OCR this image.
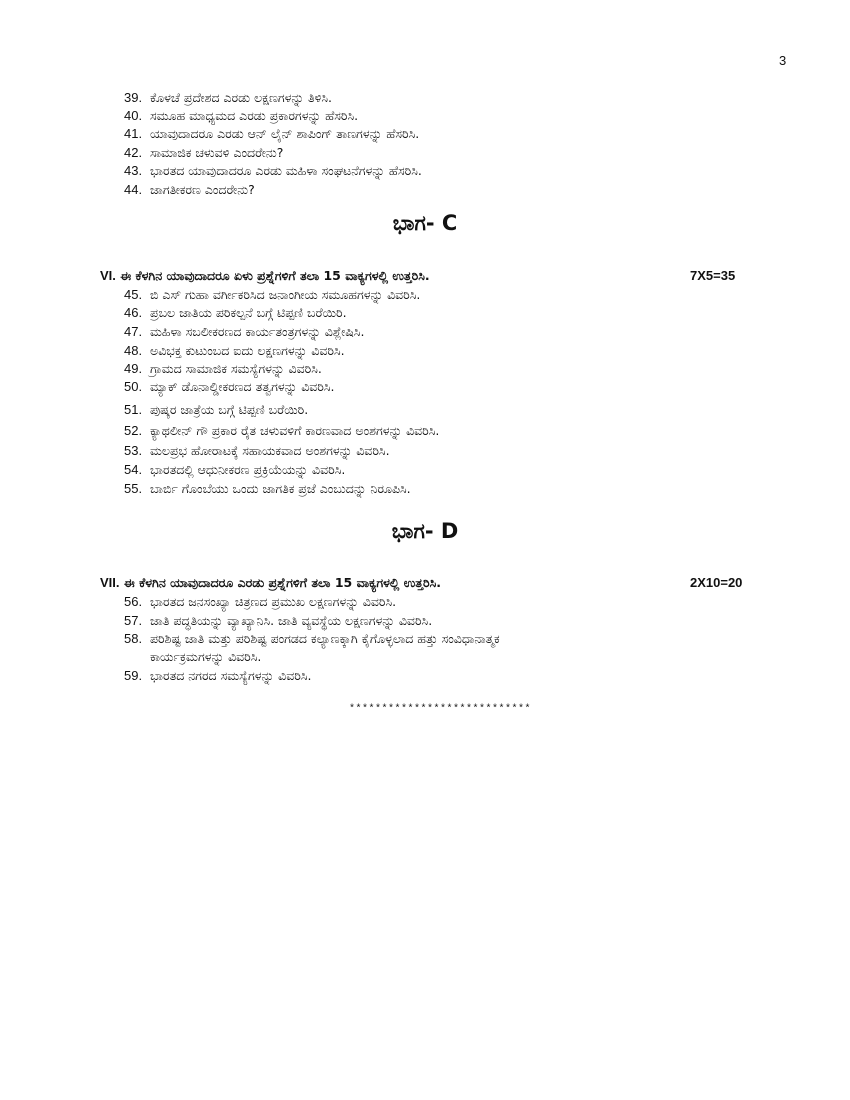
3
39. ಕೊಳಚೆ ಪ್ರದೇಶದ ಎರಡು ಲಕ್ಷಣಗಳನ್ನು ತಿಳಿಸಿ.
40. ಸಮೂಹ ಮಾಧ್ಯಮದ ಎರಡು ಪ್ರಕಾರಗಳನ್ನು ಹೆಸರಿಸಿ.
41. ಯಾವುದಾದರೂ ಎರಡು ಆನ್ ಲೈನ್ ಶಾಪಿಂಗ್ ತಾಣಗಳನ್ನು ಹೆಸರಿಸಿ.
42. ಸಾಮಾಜಿಕ ಚಳುವಳಿ ಎಂದರೇನು?
43. ಭಾರತದ ಯಾವುದಾದರೂ ಎರಡು ಮಹಿಳಾ ಸಂಘಟನೆಗಳನ್ನು ಹೆಸರಿಸಿ.
44. ಜಾಗತೀಕರಣ ಎಂದರೇನು?
ಭಾಗ- C
VI. ಈ ಕೆಳಗಿನ ಯಾವುದಾದರೂ ಏಳು ಪ್ರಶ್ನೆಗಳಿಗೆ ತಲಾ 15 ವಾಕ್ಯಗಳಲ್ಲಿ ಉತ್ತರಿಸಿ.	7X5=35
45. ಬಿ ಎಸ್ ಗುಹಾ ವರ್ಗೀಕರಿಸಿದ ಜನಾಂಗೀಯ ಸಮೂಹಗಳನ್ನು ವಿವರಿಸಿ.
46. ಪ್ರಬಲ ಜಾತಿಯ ಪರಿಕಲ್ಪನೆ ಬಗ್ಗೆ ಟಿಪ್ಪಣಿ ಬರೆಯಿರಿ.
47. ಮಹಿಳಾ ಸಬಲೀಕರಣದ ಕಾರ್ಯತಂತ್ರಗಳನ್ನು ವಿಶ್ಲೇಷಿಸಿ.
48. ಅವಿಭಕ್ತ ಕುಟುಂಬದ ಐದು ಲಕ್ಷಣಗಳನ್ನು ವಿವರಿಸಿ.
49. ಗ್ರಾಮದ ಸಾಮಾಜಿಕ ಸಮಸ್ಯೆಗಳನ್ನು ವಿವರಿಸಿ.
50. ಮ್ಯಾಕ್ ಡೊನಾಲ್ಡೀಕರಣದ ತತ್ವಗಳನ್ನು ವಿವರಿಸಿ.
51. ಪುಷ್ಕರ ಜಾತ್ರೆಯ ಬಗ್ಗೆ ಟಿಪ್ಪಣಿ ಬರೆಯಿರಿ.
52. ಕ್ಯಾಥಲೀನ್ ಗೌ ಪ್ರಕಾರ ರೈತ ಚಳುವಳಿಗೆ ಕಾರಣವಾದ ಅಂಶಗಳನ್ನು ವಿವರಿಸಿ.
53. ಮಲಪ್ರಭ ಹೋರಾಟಕ್ಕೆ ಸಹಾಯಕವಾದ ಅಂಶಗಳನ್ನು ವಿವರಿಸಿ.
54. ಭಾರತದಲ್ಲಿ ಆಧುನೀಕರಣ ಪ್ರಕ್ರಿಯೆಯನ್ನು ವಿವರಿಸಿ.
55. ಬಾರ್ಬಿ ಗೊಂಬೆಯು ಒಂದು ಜಾಗತಿಕ ಪ್ರಜೆ ಎಂಬುದನ್ನು ನಿರೂಪಿಸಿ.
ಭಾಗ- D
VII. ಈ ಕೆಳಗಿನ ಯಾವುದಾದರೂ ಎರಡು ಪ್ರಶ್ನೆಗಳಿಗೆ ತಲಾ 15 ವಾಕ್ಯಗಳಲ್ಲಿ ಉತ್ತರಿಸಿ.	2X10=20
56. ಭಾರತದ ಜನಸಂಖ್ಯಾ ಚಿತ್ರಣದ ಪ್ರಮುಖ ಲಕ್ಷಣಗಳನ್ನು ವಿವರಿಸಿ.
57. ಜಾತಿ ಪದ್ಧತಿಯನ್ನು ವ್ಯಾಖ್ಯಾನಿಸಿ. ಜಾತಿ ವ್ಯವಸ್ಥೆಯ ಲಕ್ಷಣಗಳನ್ನು ವಿವರಿಸಿ.
58. ಪರಿಶಿಷ್ಟ ಜಾತಿ ಮತ್ತು ಪರಿಶಿಷ್ಟ ಪಂಗಡದ ಕಲ್ಯಾಣಕ್ಕಾಗಿ ಕೈಗೊಳ್ಳಲಾದ ಹತ್ತು ಸಂವಿಧಾನಾತ್ಮಕ
ಕಾರ್ಯಕ್ರಮಗಳನ್ನು ವಿವರಿಸಿ.
59. ಭಾರತದ ನಗರದ ಸಮಸ್ಯೆಗಳನ್ನು ವಿವರಿಸಿ.
****************************
